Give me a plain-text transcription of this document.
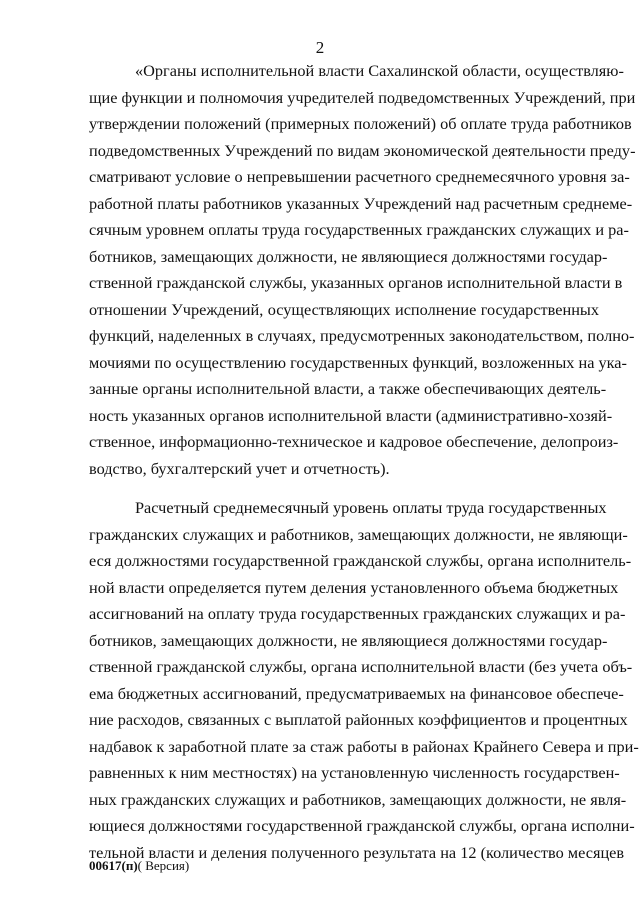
2
«Органы исполнительной власти Сахалинской области, осуществляю-
щие функции и полномочия учредителей подведомственных Учреждений, при
утверждении положений (примерных положений) об оплате труда работников
подведомственных Учреждений по видам экономической деятельности преду-
сматривают условие о непревышении расчетного среднемесячного уровня за-
работной платы работников указанных Учреждений над расчетным среднеме-
сячным уровнем оплаты труда государственных гражданских служащих и ра-
ботников, замещающих должности, не являющиеся должностями государ-
ственной гражданской службы, указанных органов исполнительной власти в
отношении Учреждений, осуществляющих исполнение государственных
функций, наделенных в случаях, предусмотренных законодательством, полно-
мочиями по осуществлению государственных функций, возложенных на ука-
занные органы исполнительной власти, а также обеспечивающих деятель-
ность указанных органов исполнительной власти (административно-хозяй-
ственное, информационно-техническое и кадровое обеспечение, делопроиз-
водство, бухгалтерский учет и отчетность).
Расчетный среднемесячный уровень оплаты труда государственных
гражданских служащих и работников, замещающих должности, не являющи-
еся должностями государственной гражданской службы, органа исполнитель-
ной власти определяется путем деления установленного объема бюджетных
ассигнований на оплату труда государственных гражданских служащих и ра-
ботников, замещающих должности, не являющиеся должностями государ-
ственной гражданской службы, органа исполнительной власти (без учета объ-
ема бюджетных ассигнований, предусматриваемых на финансовое обеспече-
ние расходов, связанных с выплатой районных коэффициентов и процентных
надбавок к заработной плате за стаж работы в районах Крайнего Севера и при-
равненных к ним местностях) на установленную численность государствен-
ных гражданских служащих и работников, замещающих должности, не явля-
ющиеся должностями государственной гражданской службы, органа исполни-
тельной власти и деления полученного результата на 12 (количество месяцев
00617(п)( Версия)
